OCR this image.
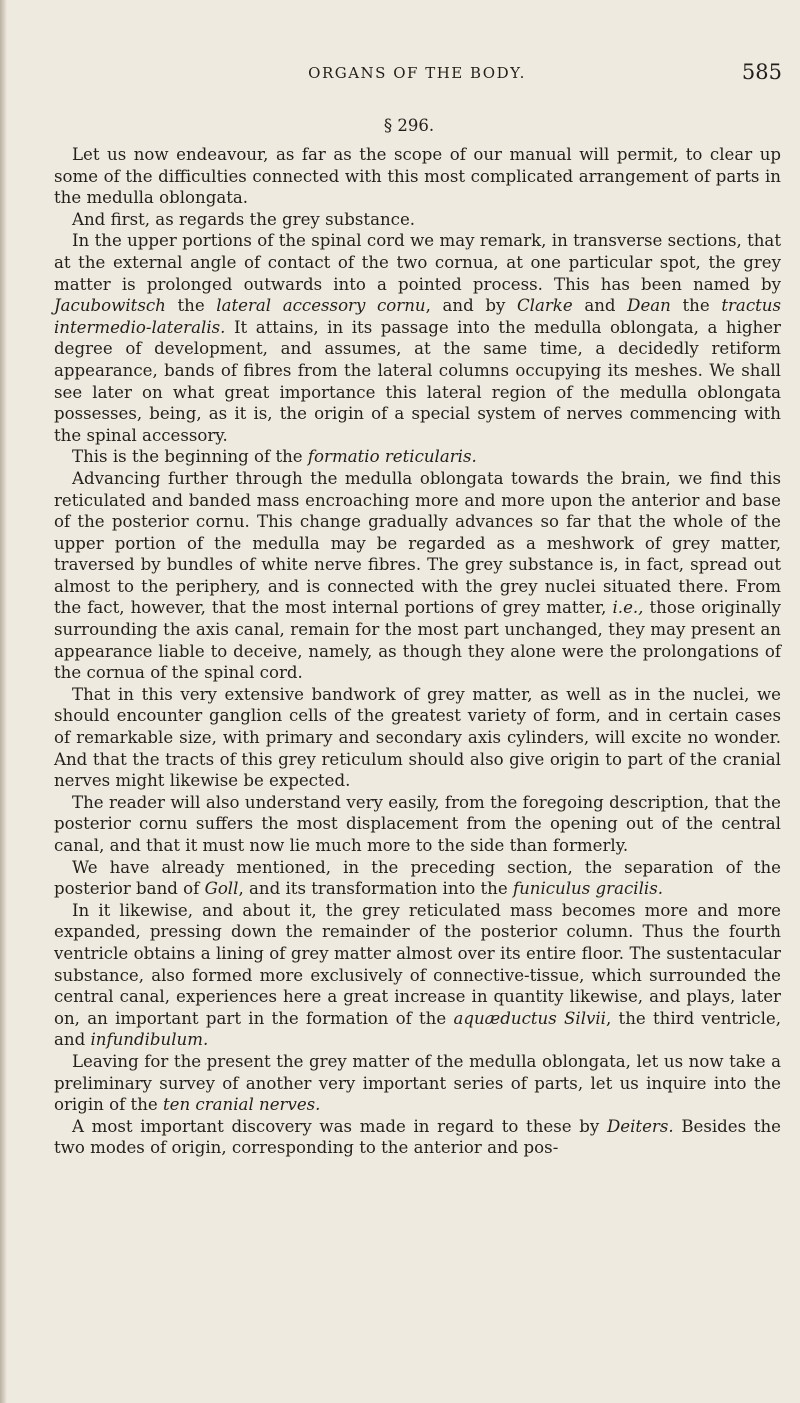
ORGANS OF THE BODY.	585
§ 296.

Let us now endeavour, as far as the scope of our manual will permit, to clear up some of the difficulties connected with this most complicated arrangement of parts in the medulla oblongata.

And first, as regards the grey substance.

In the upper portions of the spinal cord we may remark, in transverse sections, that at the external angle of contact of the two cornua, at one particular spot, the grey matter is prolonged outwards into a pointed process. This has been named by Jacubowitsch the lateral accessory cornu, and by Clarke and Dean the tractus intermedio-lateralis. It attains, in its passage into the medulla oblongata, a higher degree of development, and assumes, at the same time, a decidedly retiform appearance, bands of fibres from the lateral columns occupying its meshes. We shall see later on what great importance this lateral region of the medulla oblongata possesses, being, as it is, the origin of a special system of nerves commencing with the spinal accessory.

This is the beginning of the formatio reticularis.

Advancing further through the medulla oblongata towards the brain, we find this reticulated and banded mass encroaching more and more upon the anterior and base of the posterior cornu. This change gradually advances so far that the whole of the upper portion of the medulla may be regarded as a meshwork of grey matter, traversed by bundles of white nerve fibres. The grey substance is, in fact, spread out almost to the periphery, and is connected with the grey nuclei situated there. From the fact, however, that the most internal portions of grey matter, i.e., those originally surrounding the axis canal, remain for the most part unchanged, they may present an appearance liable to deceive, namely, as though they alone were the prolongations of the cornua of the spinal cord.

That in this very extensive bandwork of grey matter, as well as in the nuclei, we should encounter ganglion cells of the greatest variety of form, and in certain cases of remarkable size, with primary and secondary axis cylinders, will excite no wonder. And that the tracts of this grey reticulum should also give origin to part of the cranial nerves might likewise be expected.

The reader will also understand very easily, from the foregoing description, that the posterior cornu suffers the most displacement from the opening out of the central canal, and that it must now lie much more to the side than formerly.

We have already mentioned, in the preceding section, the separation of the posterior band of Goll, and its transformation into the funiculus gracilis.

In it likewise, and about it, the grey reticulated mass becomes more and more expanded, pressing down the remainder of the posterior column. Thus the fourth ventricle obtains a lining of grey matter almost over its entire floor. The sustentacular substance, also formed more exclusively of connective-tissue, which surrounded the central canal, experiences here a great increase in quantity likewise, and plays, later on, an important part in the formation of the aquæductus Silvii, the third ventricle, and infundibulum.

Leaving for the present the grey matter of the medulla oblongata, let us now take a preliminary survey of another very important series of parts, let us inquire into the origin of the ten cranial nerves.

A most important discovery was made in regard to these by Deiters. Besides the two modes of origin, corresponding to the anterior and pos-
